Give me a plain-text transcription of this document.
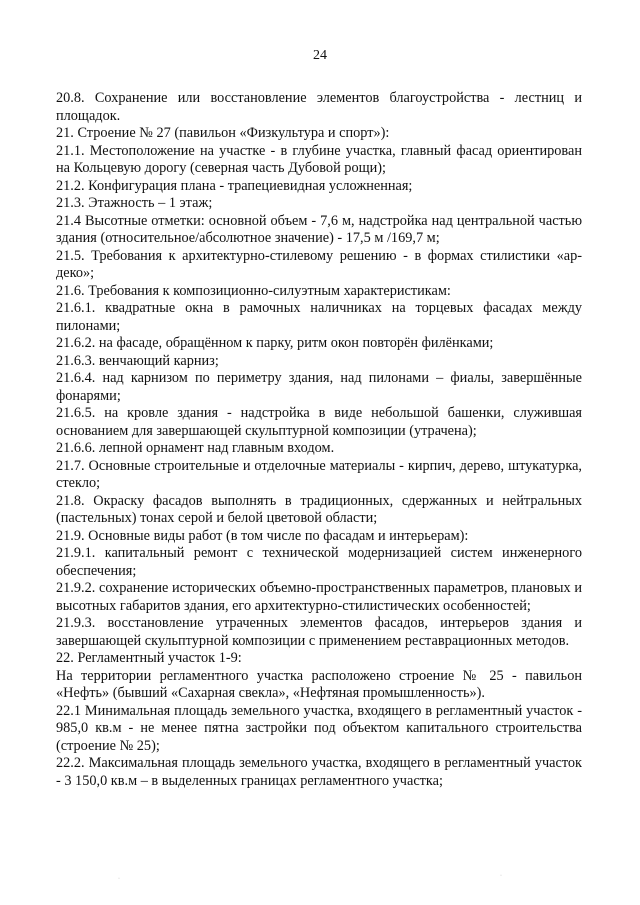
24

20.8. Сохранение или восстановление элементов благоустройства - лестниц и площадок.

21. Строение № 27 (павильон «Физкультура и спорт»):

21.1. Местоположение на участке - в глубине участка, главный фасад ориентирован на Кольцевую дорогу (северная часть Дубовой рощи);

21.2. Конфигурация плана - трапециевидная усложненная;

21.3. Этажность – 1 этаж;

21.4 Высотные отметки: основной объем - 7,6 м, надстройка над центральной частью здания (относительное/абсолютное значение) - 17,5 м /169,7 м;

21.5. Требования к архитектурно-стилевому решению - в формах стилистики «ар-деко»;

21.6. Требования к композиционно-силуэтным характеристикам:

21.6.1. квадратные окна в рамочных наличниках на торцевых фасадах между пилонами;

21.6.2. на фасаде, обращённом к парку, ритм окон повторён филёнками;

21.6.3. венчающий карниз;

21.6.4. над карнизом по периметру здания, над пилонами – фиалы, завершённые фонарями;

21.6.5. на кровле здания - надстройка в виде небольшой башенки, служившая основанием для завершающей скульптурной композиции (утрачена);

21.6.6. лепной орнамент над главным входом.

21.7. Основные строительные и отделочные материалы - кирпич, дерево, штукатурка, стекло;

21.8. Окраску фасадов выполнять в традиционных, сдержанных и нейтральных (пастельных) тонах серой и белой цветовой области;

21.9. Основные виды работ (в том числе по фасадам и интерьерам):

21.9.1. капитальный ремонт с технической модернизацией систем инженерного обеспечения;

21.9.2. сохранение исторических объемно-пространственных параметров, плановых и высотных габаритов здания, его архитектурно-стилистических особенностей;

21.9.3. восстановление утраченных элементов фасадов, интерьеров здания и завершающей скульптурной композиции с применением реставрационных методов.

22. Регламентный участок 1-9:

На территории регламентного участка расположено строение № 25 - павильон «Нефть» (бывший «Сахарная свекла», «Нефтяная промышленность»).

22.1 Минимальная площадь земельного участка, входящего в регламентный участок - 985,0 кв.м - не менее пятна застройки под объектом капитального строительства (строение № 25);

22.2. Максимальная площадь земельного участка, входящего в регламентный участок - 3 150,0 кв.м – в выделенных границах регламентного участка;

·	·
